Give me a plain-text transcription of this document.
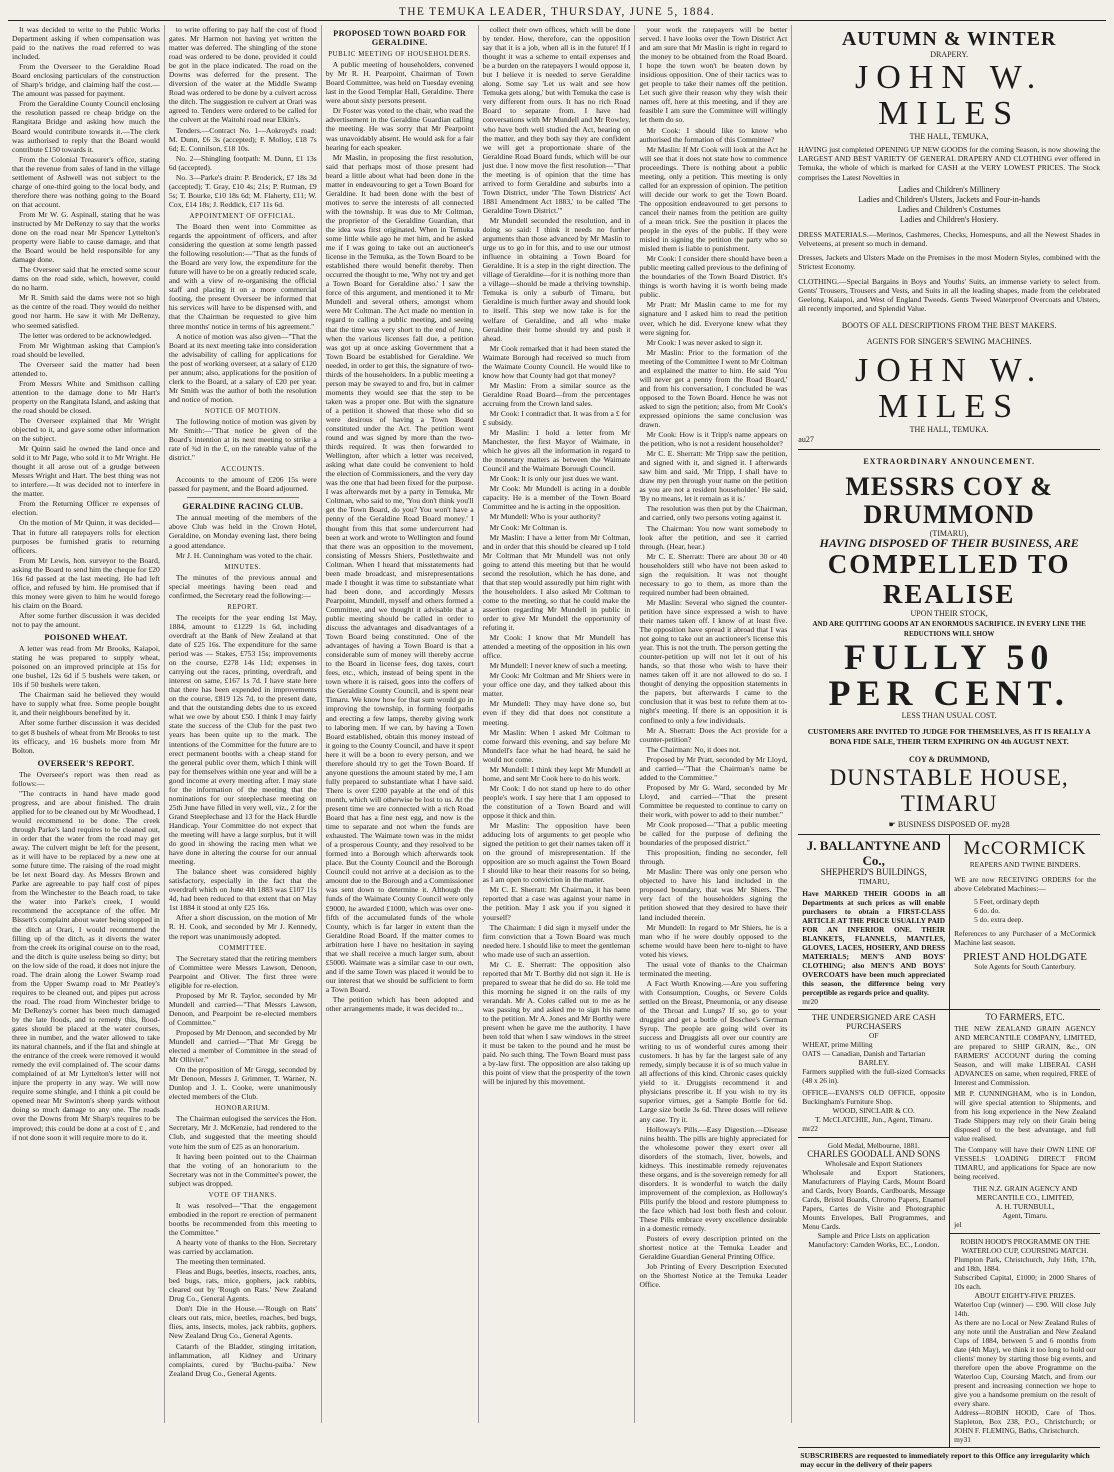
THE TEMUKA LEADER, THURSDAY, JUNE 5, 1884.

It was decided to write to the Public Works Department asking if when compensation was paid to the natives the road referred to was included.

From the Overseer to the Geraldine Road Board enclosing particulars of the construction of Sharp's bridge, and claiming half the cost.—The amount was passed for payment.

From the Geraldine County Council enclosing the resolution passed re cheap bridge on the Rangitata Bridge and asking how much the Board would contribute towards it.—The clerk was authorised to reply that the Board would contribute £150 towards it.

From the Colonial Treasurer's office, stating that the revenue from sales of land in the village settlement of Ashwell was not subject to the charge of one-third going to the local body, and therefore there was nothing going to the Board on that account.

From Mr W. G. Aspinall, stating that he was instructed by Mr DeRenzy to say that the works done on the road near Mr Spencer Lyttelton's property were liable to cause damage, and that the Board would be held responsible for any damage done.

The Overseer said that he erected some scour dams on the road side, which, however, could do no harm.

Mr R. Smith said the dams were not so high as the centre of the road. They would do neither good nor harm. He saw it with Mr DeRenzy, who seemed satisfied.

The letter was ordered to be acknowledged.

From Mr Wightman asking that Campion's road should be levelled.

The Overseer said the matter had been attended to.

From Messrs White and Smithson calling attention to the damage done to Mr Hart's property on the Rangitata Island, and asking that the road should be closed.

The Overseer explained that Mr Wright objected to it, and gave some other information on the subject.

Mr Quinn said he owned the land once and sold it to Mr Page, who sold it to Mr Wright. He thought it all arose out of a grudge between Messrs Wright and Hart. The best thing was not to interfere.—It was decided not to interfere in the matter.

From the Returning Officer re expenses of election.

On the motion of Mr Quinn, it was decided—That in future all ratepayers rolls for election purposes be furnished gratis to returning officers.

From Mr Lewis, hon. surveyor to the Board, asking the Board to send him the cheque for £20 16s 6d passed at the last meeting. He had left office, and refused by him. He promised that if this money were given to him he would forego his claim on the Board.

After some further discussion it was decided not to pay the amount.

POISONED WHEAT.

A letter was read from Mr Brooks, Kaiapoi, stating he was prepared to supply wheat, poisoned on an improved principle at 15s for one bushel, 12s 6d if 5 bushels were taken, or 10s if 50 bushels were taken.

The Chairman said he believed they would have to supply what free. Some people bought it, and their neighbours benefited by it.

After some further discussion it was decided to get 8 bushels of wheat from Mr Brooks to test its efficacy, and 16 bushels more from Mr Bolton.

OVERSEER'S REPORT.

The Overseer's report was then read as follows:—

"The contracts in hand have made good progress, and are about finished. The drain applied for to be cleaned out by Mr Woodhead, I would recommend to be done. The creek through Parke's land requires to be cleaned out, in order that the water from the road may get away. The culvert might be left for the present, as it will have to be replaced by a new one at some future time. The raising of the road might be let next Board day. As Messrs Brown and Parke are agreeable to pay half cost of pipes from the Winchester to the Beach road, to take the water into Parke's creek, I would recommend the acceptance of the offer. Mr Bissett's complaint about water being stopped in the ditch at Orari, I would recommend the filling up of the ditch, as it diverts the water from the creek its original course on to the road, and the ditch is quite useless being so dirty; but on the low side of the road, it does not injure the road. The drain along the Lower Swamp road from the Upper Swamp road to Mr Peatley's requires to be cleaned out, and pipes put across the road. The road from Winchester bridge to Mr DeRenzy's corner has been much damaged by the late floods, and to remedy this, flood-gates should be placed at the water courses, three in number, and the water allowed to take its natural channels, and if the flat and shingle at the entrance of the creek were removed it would remedy the evil complained of. The scour dams complained of at Mr Lyttelton's letter will not injure the property in any way. We will now require some shingle, and I think a pit could be opened near Mr Swinton's sheep yards without doing so much damage to any one. The roads over the Downs from Mr Sharp's requires to be improved; this could be done at a cost of £ , and if not done soon it will require more to do it.

to write offering to pay half the cost of flood gates. Mr Harmon not having yet written the matter was deferred. The shingling of the stone road was ordered to be done, provided it could be got in the place indicated. The road on the Downs was deferred for the present. The diversion of the water at the Middle Swamp Road was ordered to be done by a culvert across the ditch. The suggestion re culvert at Orari was agreed to. Tenders were ordered to be called for the culvert at the Waitohi road near Elkin's.

Tenders.—Contract No. 1—Aokroyd's road: M. Dunn, £6 3s (accepted); F. Molloy, £18 7s 6d; E. Connilson, £18 10s.

No. 2—Shingling footpath: M. Dunn, £1 13s 6d (accepted).

No. 3—Parke's drain: P. Broderick, £7 18s 3d (accepted); T. Gray, £10 4s; 21s; P. Rutman, £9 5s; T. Bourke, £10 18s 6d; M. Flaherty, £11; W. Cox, £14 18s; J. Reddick, £17 11s 6d.

APPOINTMENT OF OFFICIAL.

The Board then went into Committee as regards the appointment of officers, and after considering the question at some length passed the following resolution:—"That as the funds of the Board are very low, the expenditure for the future will have to be on a greatly reduced scale, and with a view of re-organising the official staff and placing it on a more commercial footing, the present Overseer be informed that his services will have to be dispensed with, and that the Chairman be requested to give him three months' notice in terms of his agreement."

A notice of motion was also given—"That the Board at its next meeting take into consideration the advisability of calling for applications for the post of working overseer, at a salary of £120 per annum; also, applications for the position of clerk to the Board, at a salary of £20 per year. Mr Smith was the author of both the resolution and notice of motion.

NOTICE OF MOTION.

The following notice of motion was given by Mr Smith:—"That notice be given of the Board's intention at its next meeting to strike a rate of ¾d in the £, on the rateable value of the district."

ACCOUNTS.

Accounts to the amount of £206 15s were passed for payment, and the Board adjourned.

GERALDINE RACING CLUB.

The annual meeting of the members of the above Club was held in the Crown Hotel, Geraldine, on Monday evening last, there being a good attendance.

Mr J. H. Cunningham was voted to the chair.

MINUTES.

The minutes of the previous annual and special meetings having been read and confirmed, the Secretary read the following:—

REPORT.

The receipts for the year ending 1st May, 1884, amount to £1229 1s 6d, including overdraft at the Bank of New Zealand at that date of £25 16s. The expenditure for the same period was — Stakes, £753 15s; improvements on the course, £278 14s 11d; expenses in carrying out the races, printing, overdraft, and interest on same, £167 1s 7d. I have state here that there has been expended in improvements on the course, £819 12s 7d, to the present date, and that the outstanding debts due to us exceed what we owe by about £50. I think I may fairly state the success of the Club for the past two years has been quite up to the mark. The intentions of the Committee for the future are to erect permanent booths with a cheap stand for the general public over them, which I think will pay for themselves within one year and will be a good income at every meeting after. I may state for the information of the meeting that the nominations for our steeplechase meeting on 25th June have filled in very well, viz., 2 for the Grand Steeplechase and 13 for the Hack Hurdle Handicap. Your Committee do not expect that the meeting will have a large surplus, but it will do good in showing the racing men what we have done in altering the course for our annual meeting.

The balance sheet was considered highly satisfactory, especially in the fact that the overdraft which on June 4th 1883 was £107 11s 4d, had been reduced to that extent that on May 1st 1884 it stood at only £25 16s.

After a short discussion, on the motion of Mr R. H. Cook, and seconded by Mr J. Kennedy, the report was unanimously adopted.

COMMITTEE.

The Secretary stated that the retiring members of Committee were Messrs Lawson, Denoon, Pearpoint and Oliver. The first three were eligible for re-election.

Proposed by Mr R. Taylor, seconded by Mr Mundell and carried—"That Messrs Lawson, Denoon, and Pearpoint be re-elected members of Committee."

Proposed by Mr Denoon, and seconded by Mr Mundell and carried—"That Mr Gregg be elected a member of Committee in the stead of Mr Ollivier."

On the proposition of Mr Gregg, seconded by Mr Denoon, Messrs J. Grimmer, T. Warner, N. Dunlop and J. L. Cooke, were unanimously elected members of the Club.

HONORARIUM.

The Chairman eulogised the services the Hon. Secretary, Mr J. McKenzie, had rendered to the Club, and suggested that the meeting should vote him the sum of £25 as an honorarium.

It having been pointed out to the Chairman that the voting of an honorarium to the Secretary was not in the Committee's power, the subject was dropped.

VOTE OF THANKS.

It was resolved—"That the engagement embodied in the report re erection of permanent booths be recommended from this meeting to the Committee."

A hearty vote of thanks to the Hon. Secretary was carried by acclamation.

The meeting then terminated.

Fleas and Bugs, beetles, insects, roaches, ants, bed bugs, rats, mice, gophers, jack rabbits, cleared out by 'Rough on Rats.' New Zealand Drug Co., General Agents.

Don't Die in the House.—'Rough on Rats' clears out rats, mice, beetles, roaches, bed bugs, flies, ants, insects, moles, jack rabbits, gophers. New Zealand Drug Co., General Agents.

Catarrh of the Bladder, stinging irritation, inflammation, all Kidney and Urinary complaints, cured by 'Buchu-paiba.' New Zealand Drug Co., General Agents.

PROPOSED TOWN BOARD FOR GERALDINE.

PUBLIC MEETING OF HOUSEHOLDERS.

A public meeting of householders, convened by Mr R. H. Pearpoint, Chairman of Town Board Committee, was held on Tuesday evening last in the Good Templar Hall, Geraldine. There were about sixty persons present.

Dr Foster was voted to the chair, who read the advertisement in the Geraldine Guardian calling the meeting. He was sorry that Mr Pearpoint was unavoidably absent. He would ask for a fair hearing for each speaker.

Mr Maslin, in proposing the first resolution, said that perhaps most of those present had heard a little about what had been done in the matter in endeavouring to get a Town Board for Geraldine. It had been done with the best of motives to serve the interests of all connected with the township. It was due to Mr Coltman, the proprietor of the Geraldine Guardian, that the idea was first originated. When in Temuka some little while ago he met him, and he asked me if I was going to take out an auctioneer's license in the Temuka, as the Town Board to be established there would benefit thereby. Then occurred the thought to me, 'Why not try and get a Town Board for Geraldine also.' I saw the force of this argument, and mentioned it to Mr Mundell and several others, amongst whom were Mr Coltman. The Act made no mention in regard to calling a public meeting, and seeing that the time was very short to the end of June, when the various licenses fall due, a petition was got up at once asking Government that a Town Board be established for Geraldine. We needed, in order to get this, the signature of two-thirds of the householders. In a public meeting a person may be swayed to and fro, but in calmer moments they would see that the step to be taken was a proper one. But with the signature of a petition it showed that those who did so were desirous of having a Town Board constituted under the Act. The petition went round and was signed by more than the two-thirds required. It was then forwarded to Wellington, after which a letter was received, asking what date could be convenient to hold the election of Commissioners, and the very day was the one that had been fixed for the purpose. I was afterwards met by a party in Temuka, Mr Coltman, who said to me, 'You don't think you'll get the Town Board, do you? You won't have a penny of the Geraldine Road Board money.' I thought from this that some undercurrent had been at work and wrote to Wellington and found that there was an opposition to the movement, consisting of Messrs Shiers, Postlethwaite and Coltman. When I heard that misstatements had been made broadcast, and misrepresentations made I thought it was time to substantiate what had been done, and accordingly Messrs Pearpoint, Mundell, myself and others formed a Committee, and we thought it advisable that a public meeting should be called in order to discuss the advantages and disadvantages of a Town Board being constituted. One of the advantages of having a Town Board is that a considerable sum of money will thereby accrue to the Board in license fees, dog taxes, court fees, etc., which, instead of being spent in the town where it is raised, goes into the coffers of the Geraldine County Council, and is spent near Timaru. We know how for that sum would go in improving the township, in forming footpaths and erecting a few lamps, thereby giving work to laboring men. If we can, by having a Town Board established, obtain this money instead of it going to the County Council, and have it spent here it will be a boon to every person, and we therefore should try to get the Town Board. If anyone questions the amount stated by me, I am fully prepared to substantiate what I have said. There is over £200 payable at the end of this month, which will otherwise be lost to us. At the present time we are connected with a rich Road Board that has a fine nest egg, and now is the time to separate and not when the funds are exhausted. The Waimate town was in the midst of a prosperous County, and they resolved to be formed into a Borough which afterwards took place. But the County Council and the Borough Council could not arrive at a decision as to the amount due to the Borough and a Commissioner was sent down to determine it. Although the funds of the Waimate County Council were only £9000, he awarded £1000, which was over one-fifth of the accumulated funds of the whole County, which is far larger in extent than the Geraldine Road Board. If the matter comes to arbitration here I have no hesitation in saying that we shall receive a much larger sum, about £5000. Waimate was a similar case to our own, and if the same Town was placed it would be to our interest that we should be sufficient to form a Town Board.

The petition which has been adopted and other arrangements made, it was decided to...

collect their own offices, which will be done by tender. How, therefore, can the opposition say that it is a job, when all is in the future! If I thought it was a scheme to entail expenses and be a burden on the ratepayers I would oppose it, but I believe it is needed to serve Geraldine along. Some say 'Let us wait and see how Temuka gets along,' but with Temuka the case is very different from ours. It has no rich Road Board to separate from. I have had conversations with Mr Mundell and Mr Rowley, who have both well studied the Act, bearing on the matter, and they both say they are confident we will get a proportionate share of the Geraldine Road Board funds, which will be our just due. I now move the first resolution—"That the meeting is of opinion that the time has arrived to form Geraldine and suburbs into a Town District, under 'The Town Districts' Act 1881 Amendment Act 1883,' to be called 'The Geraldine Town District.'"

Mr Mundell seconded the resolution, and in doing so said: I think it needs no further arguments than those advanced by Mr Maslin to urge us to go in for this, and to use our utmost influence in obtaining a Town Board for Geraldine. It is a step in the right direction. The village of Geraldine—for it is nothing more than a village—should be made a thriving township. Temuka is only a suburb of Timaru, but Geraldine is much further away and should look to itself. This step we now take is for the welfare of Geraldine, and all who make Geraldine their home should try and push it ahead.

Mr Cook remarked that it had been stated the Waimate Borough had received so much from the Waimate County Council. He would like to know how that County had got that money?

Mr Maslin: From a similar source as the Geraldine Road Board—from the percentages accruing from the Crown land sales.

Mr Cook: I contradict that. It was from a £ for £ subsidy.

Mr Maslin: I hold a letter from Mr Manchester, the first Mayor of Waimate, in which he gives all the information in regard to the monetary matters as between the Waimate Council and the Waimate Borough Council.

Mr Cook: It is only our just dues we want.

Mr Cook: Mr Mundell is acting in a double capacity. He is a member of the Town Board Committee and he is acting in the opposition.

Mr Mundell: Who is your authority?

Mr Cook: Mr Coltman is.

Mr Maslin: I have a letter from Mr Coltman, and in order that this should be cleared up I told Mr Coltman that Mr Mundell was not only going to attend this meeting but that he would second the resolution, which he has done, and that that step would assuredly put him right with the householders. I also asked Mr Coltman to come to the meeting, so that he could make the assertion regarding Mr Mundell in public in order to give Mr Mundell the opportunity of refuting it.

Mr Cook: I know that Mr Mundell has attended a meeting of the opposition in his own office.

Mr Mundell: I never knew of such a meeting.

Mr Cook: Mr Coltman and Mr Shiers were in your office one day, and they talked about this matter.

Mr Mundell: They may have done so, but even if they did that does not constitute a meeting.

Mr Maslin: When I asked Mr Coltman to come forward this evening, and say before Mr Mundell's face what he had heard, he said he would not come.

Mr Mundell: I think they kept Mr Mundell at home, and sent Mr Cook here to do his work.

Mr Cook: I do not stand up here to do other people's work. I say here that I am opposed to the constitution of a Town Board and will oppose it thick and thin.

Mr Maslin: The opposition have been adducing lots of arguments to get people who signed the petition to get their names taken off it on the ground of misrepresentation. If the opposition are so much against the Town Board I should like to hear their reasons for so being, as I am open to conviction in the matter.

Mr C. E. Sherratt: Mr Chairman, it has been reported that a case was against your name in the petition. May I ask you if you signed it yourself?

The Chairman: I did sign it myself under the firm conviction that a Town Board was much needed here. I should like to meet the gentleman who made use of such an assertion.

Mr C. E. Sherratt: The opposition also reported that Mr T. Borthy did not sign it. He is prepared to swear that he did do so. He told me this morning he signed it on the rails of my verandah. Mr A. Coles called out to me as he was passing by and asked me to sign his name to the petition. Mr A. Jones and Mr Borthy were present when he gave me the authority. I have been told that when I saw windows in the street it must be taken to the pound and he must be paid. No such thing. The Town Board must pass a by-law first. The opposition are also taking up this point of view that the prosperity of the town will be injured by this movement.

your work the ratepayers will be better served. I have looks over the Town District Act and am sure that Mr Maslin is right in regard to the money to be obtained from the Road Board. I hope the town won't be beaten down by insidious opposition. One of their tactics was to get people to take their names off the petition. Let such give their reason why they wish their names off, here at this meeting, and if they are feasible I am sure the Committee will willingly let them do so.

Mr Cook: I should like to know who authorised the formation of this Committee?

Mr Maslin: If Mr Cook will look at the Act he will see that it does not state how to commence proceedings. There is nothing about a public meeting, only a petition. This meeting is only called for an expression of opinion. The petition will decide our work to get the Town Board. The opposition endeavoured to get persons to cancel their names from the petition are guilty of a mean trick. See the position it places the people in the eyes of the public. If they were misled in signing the petition the party who so misled them is liable to punishment.

Mr Cook: I consider there should have been a public meeting called previous to the defining of the boundaries of the Town Board District. It's things is worth having it is worth being made public.

Mr Pratt: Mr Maslin came to me for my signature and I asked him to read the petition over, which he did. Everyone knew what they were signing for.

Mr Cook: I was never asked to sign it.

Mr Maslin: Prior to the formation of the meeting of the Committee I went to Mr Coltman and explained the matter to him. He said 'You will never get a penny from the Road Board,' and from his conversation, I concluded he was opposed to the Town Board. Hence he was not asked to sign the petition; also, from Mr Cook's expressed opinions the same conclusion was drawn.

Mr Cook: How is it Tripp's name appears on the petition, who is not a resident householder?

Mr C. E. Sherratt: Mr Tripp saw the petition, and signed with it, and signed it. I afterwards saw him and said, 'Mr Tripp, I shall have to draw my pen through your name on the petition as you are not a resident householder.' He said, 'By no means, let it remain as it is.'

The resolution was then put by the Chairman, and carried, only two persons voting against it.

The Chairman: You now want somebody to look after the petition, and see it carried through. (Hear, hear.)

Mr C. E. Sherratt: There are about 30 or 40 householders still who have not been asked to sign the requisition. It was not thought necessary to go to them, as more than the required number had been obtained.

Mr Maslin: Several who signed the counter-petition have since expressed a wish to have their names taken off. I know of at least five. The opposition have spread it abroad that I was not going to take out an auctioneer's license this year. This is not the truth. The person getting the counter-petition up will not let it out of his hands, so that those who wish to have their names taken off it are not allowed to do so. I thought of denying the opposition statements in the papers, but afterwards I came to the conclusion that it was best to refute them at to-night's meeting. If there is an opposition it is confined to only a few individuals.

Mr A. Sherratt: Does the Act provide for a counter-petition?

The Chairman: No, it does not.

Proposed by Mr Pratt, seconded by Mr Lloyd, and carried—"That the Chairman's name be added to the Committee."

Proposed by Mr G. Ward, seconded by Mr Lloyd, and carried—"That the present Committee be requested to continue to carry on their work, with power to add to their number."

Mr Cook proposed—"That a public meeting be called for the purpose of defining the boundaries of the proposed district."

This proposition, finding no seconder, fell through.

Mr Maslin: There was only one person who objected to have his land included in the proposed boundary, that was Mr Shiers. The very fact of the householders signing the petition showed that they desired to have their land included therein.

Mr Mundell: In regard to Mr Shiers, he is a man who if he were doubly opposed to the scheme would have been here to-night to have voted his views.

The usual vote of thanks to the Chairman terminated the meeting.

A Fact Worth Knowing.—Are you suffering with Consumption, Coughs, or Severe Colds settled on the Breast, Pneumonia, or any disease of the Throat and Lungs? If so, go to your druggist and get a bottle of Boschee's German Syrup. The people are going wild over its success and Druggists all over our country are writing to us of wonderful cures among their customers. It has by far the largest sale of any remedy, simply because it is of so much value in all affections of this kind. Chronic cases quickly yield to it. Druggists recommend it and physicians prescribe it. If you wish to try its superior virtues, get a Sample Bottle for 6d. Large size bottle 3s 6d. Three doses will relieve any case. Try it.

Holloway's Pills.—Easy Digestion.—Disease ruins health. The pills are highly appreciated for the wholesome power they exert over all disorders of the stomach, liver, bowels, and kidneys. This inestimable remedy rejuvenates these organs, and is the sovereign remedy for all disorders. It is wonderful to watch the daily improvement of the complexion, as Holloway's Pills purify the blood and restore plumpness to the face which had lost both flesh and colour. These Pills embrace every excellence desirable in a domestic remedy.

Posters of every description printed on the shortest notice at the Temuka Leader and Geraldine Guardian General Printing Office.

Job Printing of Every Description Executed on the Shortest Notice at the Temuka Leader Office.

AUTUMN & WINTER
DRAPERY.
JOHN W. MILES
THE HALL, TEMUKA,
HAVING just completed OPENING UP NEW GOODS for the coming Season, is now showing the LARGEST AND BEST VARIETY OF GENERAL DRAPERY AND CLOTHING ever offered in Temuka, the whole of which is marked for CASH at the VERY LOWEST PRICES. The Stock comprises the Latest Novelties in
Ladies and Children's Millinery
Ladies and Children's Ulsters, Jackets and Four-in-hands
Ladies and Children's Costumes
Ladies and Children's Hosiery.
DRESS MATERIALS.—Merinos, Cashmeres, Checks, Homespuns, and all the Newest Shades in Velveteens, at present so much in demand.
Dresses, Jackets and Ulsters Made on the Premises in the most Modern Styles, combined with the Strictest Economy.
CLOTHING.—Special Bargains in Boys and Youths' Suits, an immense variety to select from. Gents' Trousers, Trousers and Vests, and Suits in all the leading shapes, made from the celebrated Geelong, Kaiapoi, and West of England Tweeds. Gents Tweed Waterproof Overcoats and Ulsters, all recently imported, and Splendid Value.
BOOTS OF ALL DESCRIPTIONS FROM THE BEST MAKERS.
AGENTS FOR SINGER'S SEWING MACHINES.
JOHN W. MILES
THE HALL, TEMUKA.
au27
EXTRAORDINARY ANNOUNCEMENT.
MESSRS COY & DRUMMOND
(TIMARU),
HAVING DISPOSED OF THEIR BUSINESS, ARE
COMPELLED TO REALISE
UPON THEIR STOCK,
AND ARE QUITTING GOODS AT AN ENORMOUS SACRIFICE. IN EVERY LINE THE REDUCTIONS WILL SHOW
FULLY 50 PER CENT.
LESS THAN USUAL COST.
CUSTOMERS ARE INVITED TO JUDGE FOR THEMSELVES, AS IT IS REALLY A BONA FIDE SALE, THEIR TERM EXPIRING ON 4th AUGUST NEXT.
COY & DRUMMOND,
DUNSTABLE HOUSE, TIMARU
☛ BUSINESS DISPOSED OF. my28
J. BALLANTYNE AND Co.,
SHEPHERD'S BUILDINGS,
TIMARU,
Have MARKED THEIR GOODS in all Departments at such prices as will enable purchasers to obtain a FIRST-CLASS ARTICLE AT THE PRICE USUALLY PAID FOR AN INFERIOR ONE. THEIR BLANKETS, FLANNELS, MANTLES, GLOVES, LACES, HOSIERY, AND DRESS MATERIALS; MEN'S AND BOYS' CLOTHING; also MEN'S AND BOYS' OVERCOATS have been much appreciated this season, the difference being very perceptible as regards price and quality.
mr20
McCORMICK
REAPERS AND TWINE BINDERS.
WE are now RECEIVING ORDERS for the above Celebrated Machines:—
5 Feet, ordinary depth
6 do. do.
5 do. extra deep.
References to any Purchaser of a McCormick Machine last season.
PRIEST AND HOLDGATE
Sole Agents for South Canterbury.
THE UNDERSIGNED ARE CASH PURCHASERS
OF
WHEAT, prime Milling
OATS — Canadian, Danish and Tartarian
BARLEY.
Farmers supplied with the full-sized Cornsacks (48 x 26 in).
OFFICE—EVANS'S OLD OFFICE, opposite Buckingham's Furniture Shop.
WOOD, SINCLAIR & CO.
T. McCLATCHIE, Jun., Agent, Timaru.
mr22
Gold Medal, Melbourne, 1881.
CHARLES GOODALL AND SONS
Wholesale and Export Stationers
Wholesale and Export Stationers, Manufacturers of Playing Cards, Mount Board and Cards, Ivory Boards, Cardboards, Message Cards, Bristol Boards, Chromo Papers, Enamel Papers, Cartes de Visite and Photographic Mounts Envelopes, Ball Programmes, and Menu Cards.
Sample and Price Lists on application
Manufactory: Camden Works, EC., London.
TO FARMERS, ETC.
THE NEW ZEALAND GRAIN AGENCY AND MERCANTILE COMPANY, LIMITED, are prepared to SHIP GRAIN, &c., ON FARMERS' ACCOUNT during the coming Season, and will make LIBERAL CASH ADVANCES on same, when required, FREE of Interest and Commission.
MR P. CUNNINGHAM, who is in London, will give special attention to Shipments, and from his long experience in the New Zealand Trade Shippers may rely on their Grain being disposed of to the best advantage, and full value realised.
The Company will have their OWN LINE OF VESSELS LOADING DIRECT FROM TIMARU, and applications for Space are now being received.
THE N.Z. GRAIN AGENCY AND MERCANTILE CO., LIMITED,
A. H. TURNBULL,
Agent, Timaru.
jel
ROBIN HOOD'S PROGRAMME ON THE WATERLOO CUP, COURSING MATCH.
Plumpton Park, Christchurch, July 16th, 17th, and 18th, 1884.
Subscribed Capital, £1000; in 2000 Shares of 10s each.
ABOUT EIGHTY-FIVE PRIZES.
Waterloo Cup (winner) — £90. Will close July 14th.
As there are no Local or New Zealand Rules of any note until the Australian and New Zealand Cups of 1884, between 5 and 6 months from date (4th May), we think it too long to hold our clients' money by starting those big events, and therefore open the above Programme on the Waterloo Cup, Coursing Match, and from our present and increasing connection we hope to give you a handsome premium on the result of every share.
Address—ROBIN HOOD, Care of Thos. Stapleton, Box 238, P.O., Christchurch; or JOHN F. FLEMING, Baths, Christchurch.
my31
SUBSCRIBERS are requested to immediately report to this Office any irregularity which may occur in the delivery of their papers
